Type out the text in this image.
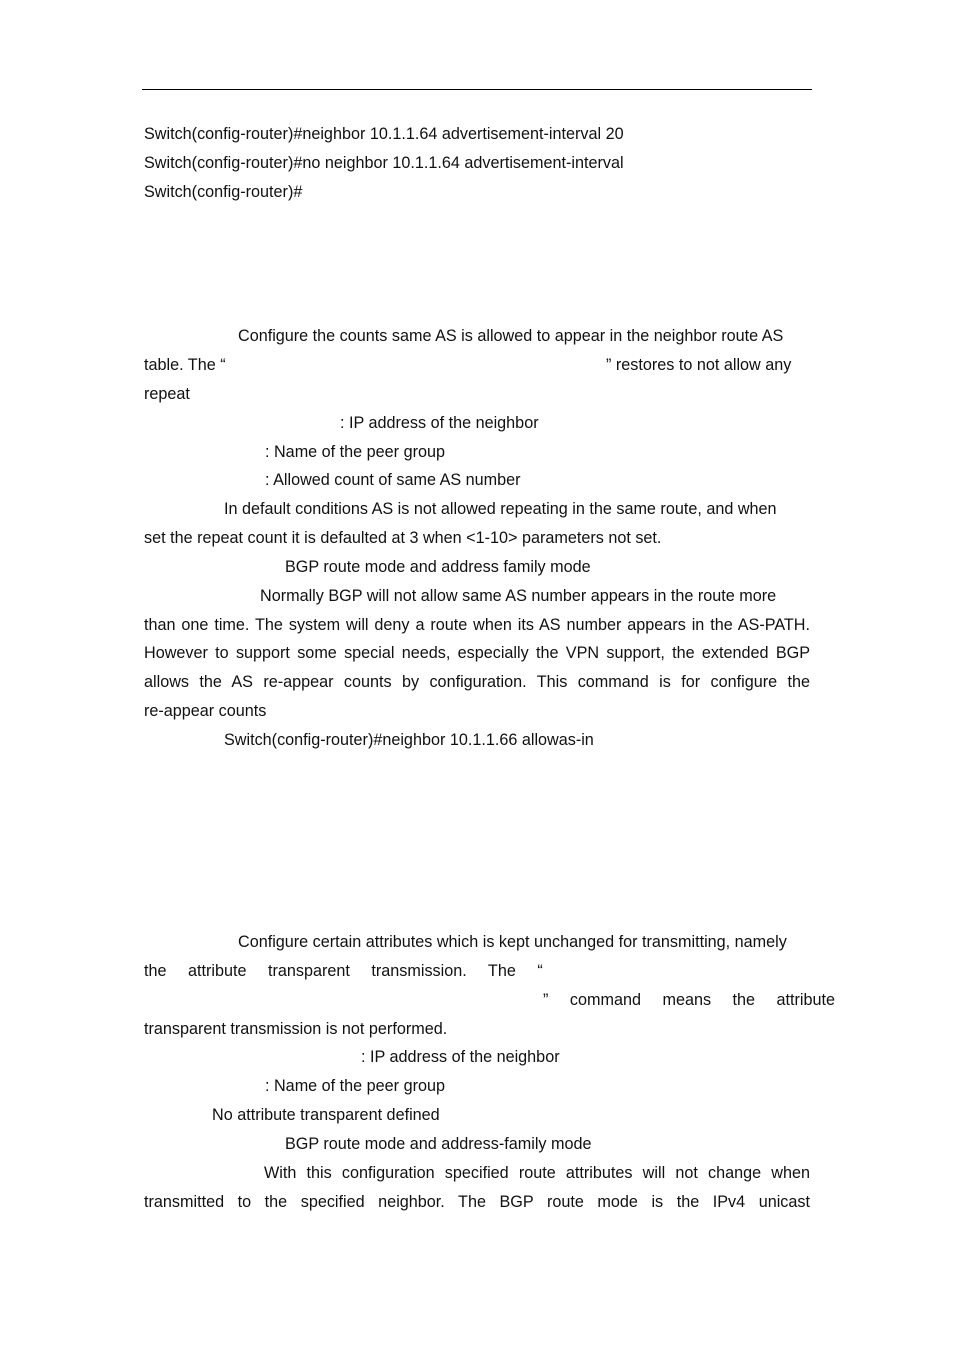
Switch(config-router)#neighbor 10.1.1.64 advertisement-interval 20

Switch(config-router)#no neighbor 10.1.1.64 advertisement-interval

Switch(config-router)#

Configure the counts same AS is allowed to appear in the neighbor route AS

table. The “	” restores to not allow any

repeat

: IP address of the neighbor

: Name of the peer group

: Allowed count of same AS number

In default conditions AS is not allowed repeating in the same route, and when

set the repeat count it is defaulted at 3 when <1-10> parameters not set.

BGP route mode and address family mode

Normally BGP will not allow same AS number appears in the route more

than one time. The system will deny a route when its AS number appears in the AS-PATH.

However to support some special needs, especially the VPN support, the extended BGP

allows the AS re-appear counts by configuration. This command is for configure the

re-appear counts

Switch(config-router)#neighbor 10.1.1.66 allowas-in

Configure certain attributes which is kept unchanged for transmitting, namely

the attribute transparent transmission. The “

” command means the attribute

transparent transmission is not performed.

: IP address of the neighbor

: Name of the peer group

No attribute transparent defined

BGP route mode and address-family mode

With this configuration specified route attributes will not change when

transmitted to the specified neighbor. The BGP route mode is the IPv4 unicast
